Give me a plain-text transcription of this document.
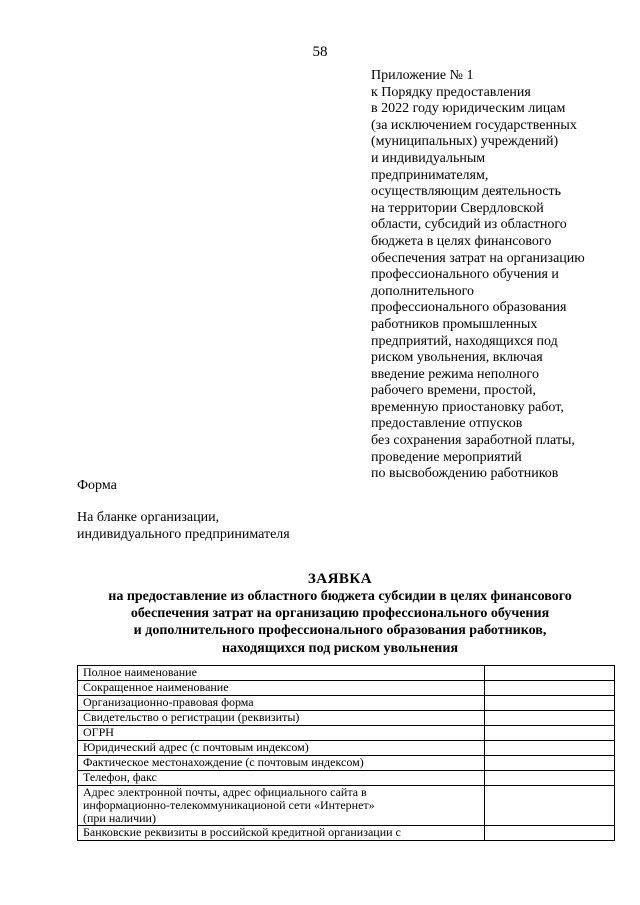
58
Приложение № 1
к Порядку предоставления
в 2022 году юридическим лицам
(за исключением государственных
(муниципальных) учреждений)
и индивидуальным
предпринимателям,
осуществляющим деятельность
на территории Свердловской
области, субсидий из областного
бюджета в целях финансового
обеспечения затрат на организацию
профессионального обучения и
дополнительного
профессионального образования
работников промышленных
предприятий, находящихся под
риском увольнения, включая
введение режима неполного
рабочего времени, простой,
временную приостановку работ,
предоставление отпусков
без сохранения заработной платы,
проведение мероприятий
по высвобождению работников
Форма
На бланке организации,
индивидуального предпринимателя
ЗАЯВКА
на предоставление из областного бюджета субсидии в целях финансового
обеспечения затрат на организацию профессионального обучения
и дополнительного профессионального образования работников,
находящихся под риском увольнения
Полное наименование	
Сокращенное наименование	
Организационно-правовая форма	
Свидетельство о регистрации (реквизиты)	
ОГРН	
Юридический адрес (с почтовым индексом)	
Фактическое местонахождение (с почтовым индексом)	
Телефон, факс	
Адрес электронной почты, адрес официального сайта в
информационно-телекоммуникационой сети «Интернет»
(при наличии)	
Банковские реквизиты в российской кредитной организации с	
